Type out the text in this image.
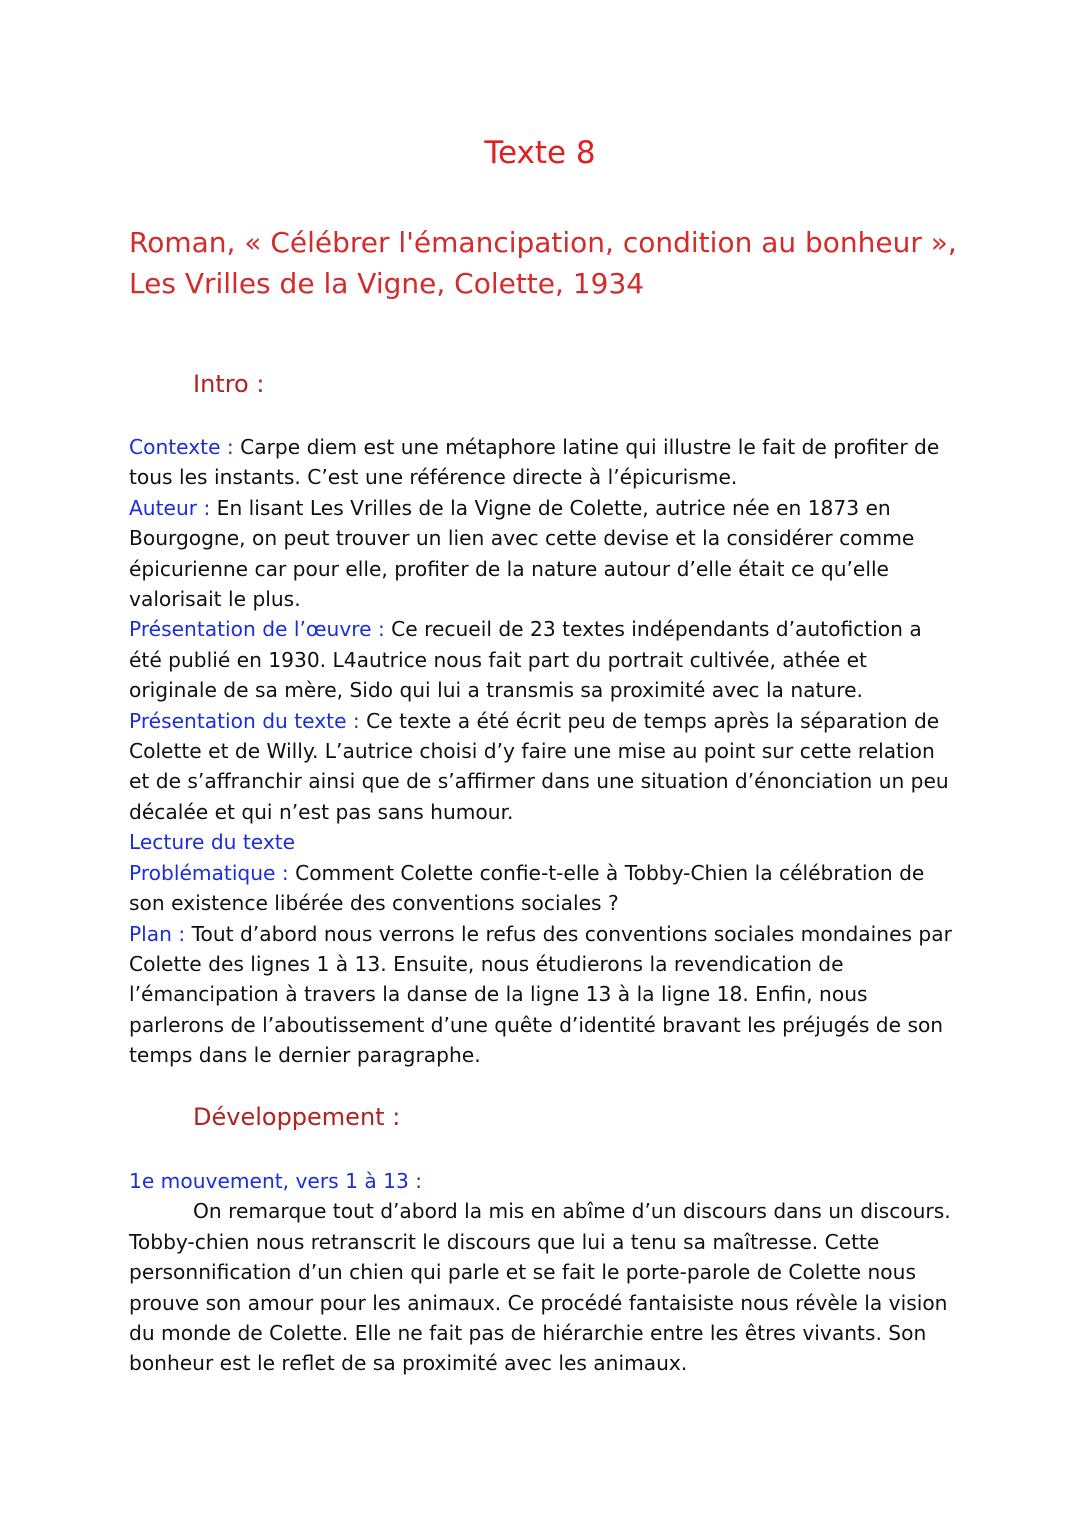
Texte 8
Roman, « Célébrer l'émancipation, condition au bonheur »,
Les Vrilles de la Vigne, Colette, 1934
Intro :

Contexte : Carpe diem est une métaphore latine qui illustre le fait de profiter de tous les instants. C’est une référence directe à l’épicurisme.

Auteur : En lisant Les Vrilles de la Vigne de Colette, autrice née en 1873 en Bourgogne, on peut trouver un lien avec cette devise et la considérer comme épicurienne car pour elle, profiter de la nature autour d’elle était ce qu’elle valorisait le plus.

Présentation de l’œuvre : Ce recueil de 23 textes indépendants d’autofiction a été publié en 1930. L4autrice nous fait part du portrait cultivée, athée et originale de sa mère, Sido qui lui a transmis sa proximité avec la nature.

Présentation du texte : Ce texte a été écrit peu de temps après la séparation de Colette et de Willy. L’autrice choisi d’y faire une mise au point sur cette relation et de s’affranchir ainsi que de s’affirmer dans une situation d’énonciation un peu décalée et qui n’est pas sans humour.

Lecture du texte

Problématique : Comment Colette confie-t-elle à Tobby-Chien la célébration de son existence libérée des conventions sociales ?

Plan : Tout d’abord nous verrons le refus des conventions sociales mondaines par Colette des lignes 1 à 13. Ensuite, nous étudierons la revendication de l’émancipation à travers la danse de la ligne 13 à la ligne 18. Enfin, nous parlerons de l’aboutissement d’une quête d’identité bravant les préjugés de son temps dans le dernier paragraphe.

Développement :

1e mouvement, vers 1 à 13 :

On remarque tout d’abord la mis en abîme d’un discours dans un discours. Tobby-chien nous retranscrit le discours que lui a tenu sa maîtresse. Cette personnification d’un chien qui parle et se fait le porte-parole de Colette nous prouve son amour pour les animaux. Ce procédé fantaisiste nous révèle la vision du monde de Colette. Elle ne fait pas de hiérarchie entre les êtres vivants. Son bonheur est le reflet de sa proximité avec les animaux.
